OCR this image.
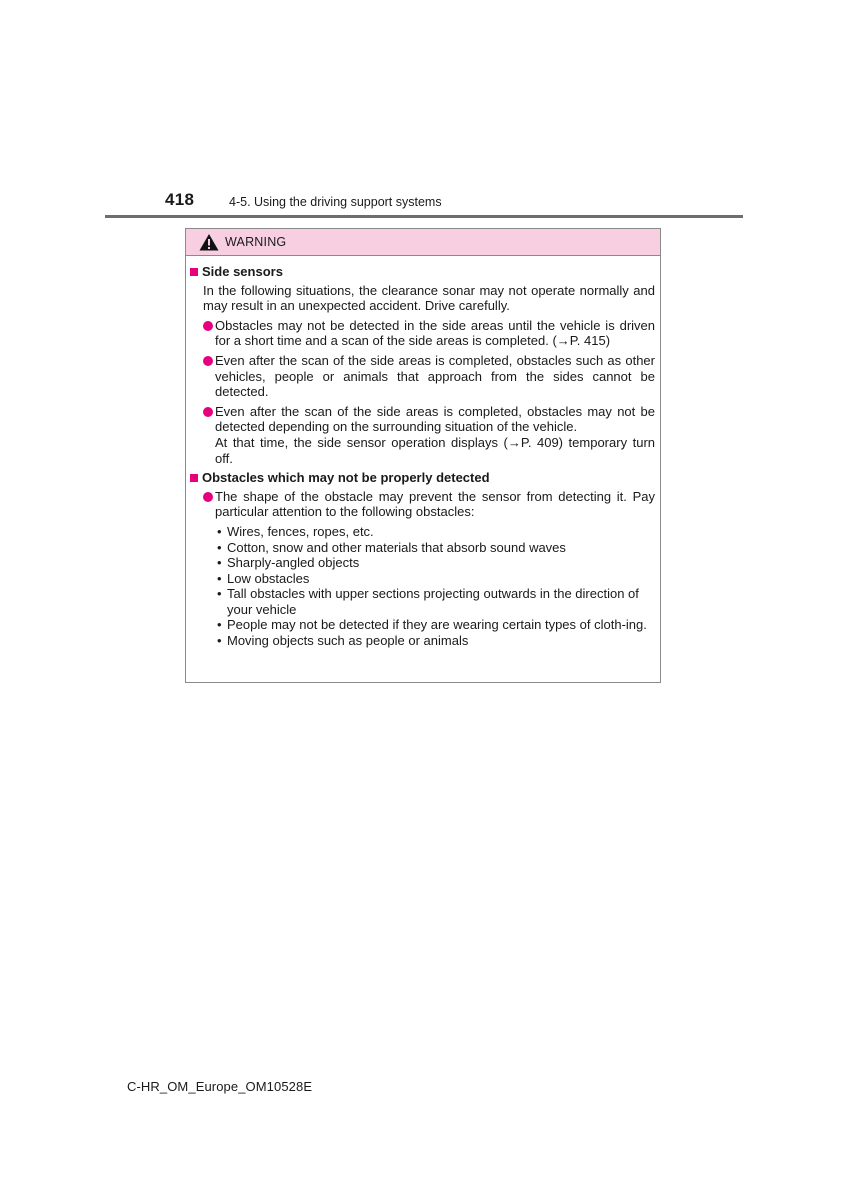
418	4-5. Using the driving support systems
WARNING
Side sensors
In the following situations, the clearance sonar may not operate normally and may result in an unexpected accident. Drive carefully.

Obstacles may not be detected in the side areas until the vehicle is driven for a short time and a scan of the side areas is completed. (→P. 415)

Even after the scan of the side areas is completed, obstacles such as other vehicles, people or animals that approach from the sides cannot be detected.

Even after the scan of the side areas is completed, obstacles may not be detected depending on the surrounding situation of the vehicle.

At that time, the side sensor operation displays (→P. 409) temporary turn off.

Obstacles which may not be properly detected

The shape of the obstacle may prevent the sensor from detecting it. Pay particular attention to the following obstacles:

• Wires, fences, ropes, etc.
• Cotton, snow and other materials that absorb sound waves
• Sharply-angled objects
• Low obstacles
• Tall obstacles with upper sections projecting outwards in the direction of your vehicle
• People may not be detected if they are wearing certain types of cloth-ing.
• Moving objects such as people or animals
C-HR_OM_Europe_OM10528E
